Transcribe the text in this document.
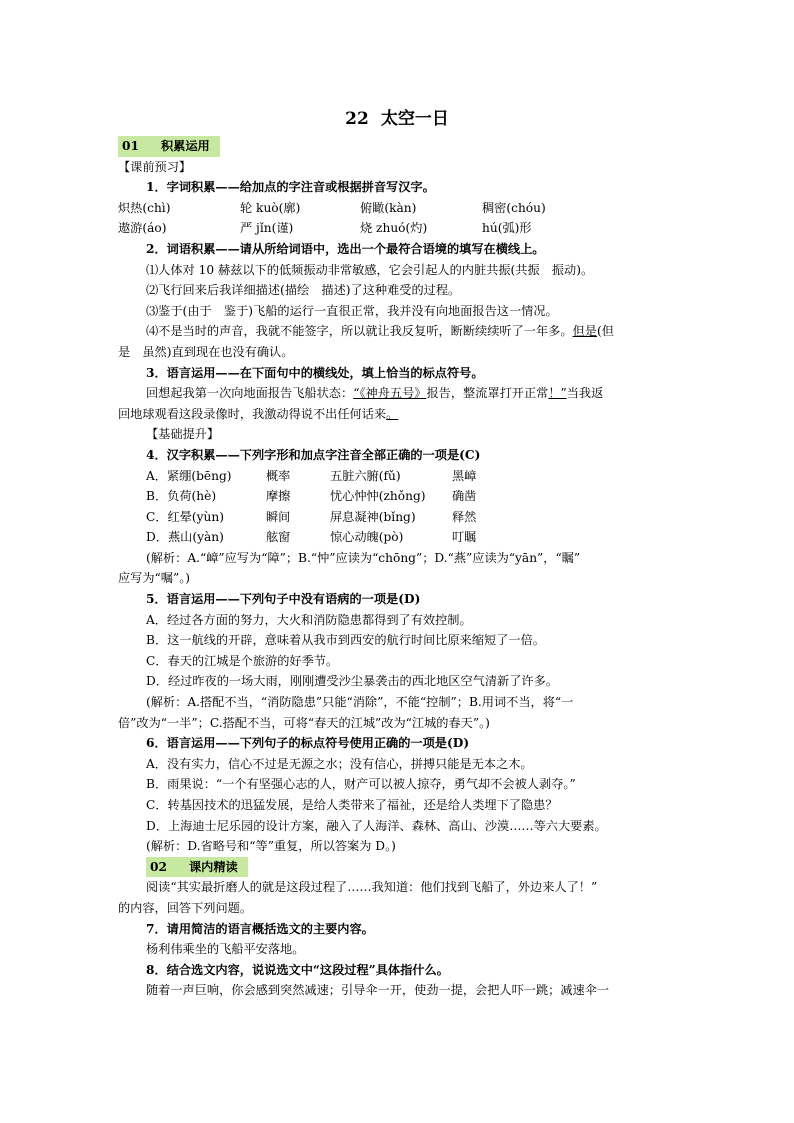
22 太空一日
01 积累运用
【课前预习】
1．字词积累——给加点的字注音或根据拼音写汉字。
炽热(chì)	轮 kuò(廓)	俯瞰(kàn)	稠密(chóu)
遨游(áo)	严 jǐn(谨)	烧 zhuó(灼)	hú(弧)形
2．词语积累——请从所给词语中，选出一个最符合语境的填写在横线上。
⑴人体对 10 赫兹以下的低频振动非常敏感，它会引起人的内脏共振(共振　振动)。
⑵飞行回来后我详细描述(描绘　描述)了这种难受的过程。
⑶鉴于(由于　鉴于)飞船的运行一直很正常，我并没有向地面报告这一情况。
⑷不是当时的声音，我就不能签字，所以就让我反复听，断断续续听了一年多。但是(但
是　虽然)直到现在也没有确认。
3．语言运用——在下面句中的横线处，填上恰当的标点符号。
回想起我第一次向地面报告飞船状态：“《神舟五号》报告，整流罩打开正常！”当我返
回地球观看这段录像时，我激动得说不出任何话来。
【基础提升】
4．汉字积累——下列字形和加点字注音全部正确的一项是(C)
A．紧绷(bēng)	概率	五脏六腑(fǔ)	黑嶂
B．负荷(hè)	摩擦	忧心忡忡(zhǒng) 确凿
C．红晕(yùn)	瞬间	屏息凝神(bǐng)	释然
D．燕山(yàn)	舷窗	惊心动魄(pò)	叮瞩
(解析：A.“嶂”应写为“障”；B.“忡”应读为“chōng”；D.“燕”应读为“yān”，“瞩”
应写为“嘱”。)
5．语言运用——下列句子中没有语病的一项是(D)
A．经过各方面的努力，大火和消防隐患都得到了有效控制。
B．这一航线的开辟，意味着从我市到西安的航行时间比原来缩短了一倍。
C．春天的江城是个旅游的好季节。
D．经过昨夜的一场大雨，刚刚遭受沙尘暴袭击的西北地区空气清新了许多。
(解析：A.搭配不当，“消防隐患”只能“消除”，不能“控制”；B.用词不当，将“一
倍”改为“一半”；C.搭配不当，可将“春天的江城”改为“江城的春天”。)
6．语言运用——下列句子的标点符号使用正确的一项是(D)
A．没有实力，信心不过是无源之水；没有信心，拼搏只能是无本之木。
B．雨果说：“一个有坚强心志的人，财产可以被人掠夺，勇气却不会被人剥夺。”
C．转基因技术的迅猛发展，是给人类带来了福祉，还是给人类埋下了隐患？
D．上海迪士尼乐园的设计方案，融入了人海洋、森林、高山、沙漠……等六大要素。
(解析：D.省略号和“等”重复，所以答案为 D。)
02 课内精读
阅读“其实最折磨人的就是这段过程了……我知道：他们找到飞船了，外边来人了！”
的内容，回答下列问题。
7．请用简洁的语言概括选文的主要内容。
杨利伟乘坐的飞船平安落地。
8．结合选文内容，说说选文中“这段过程”具体指什么。
随着一声巨响，你会感到突然减速；引导伞一开，使劲一提，会把人吓一跳；减速伞一
